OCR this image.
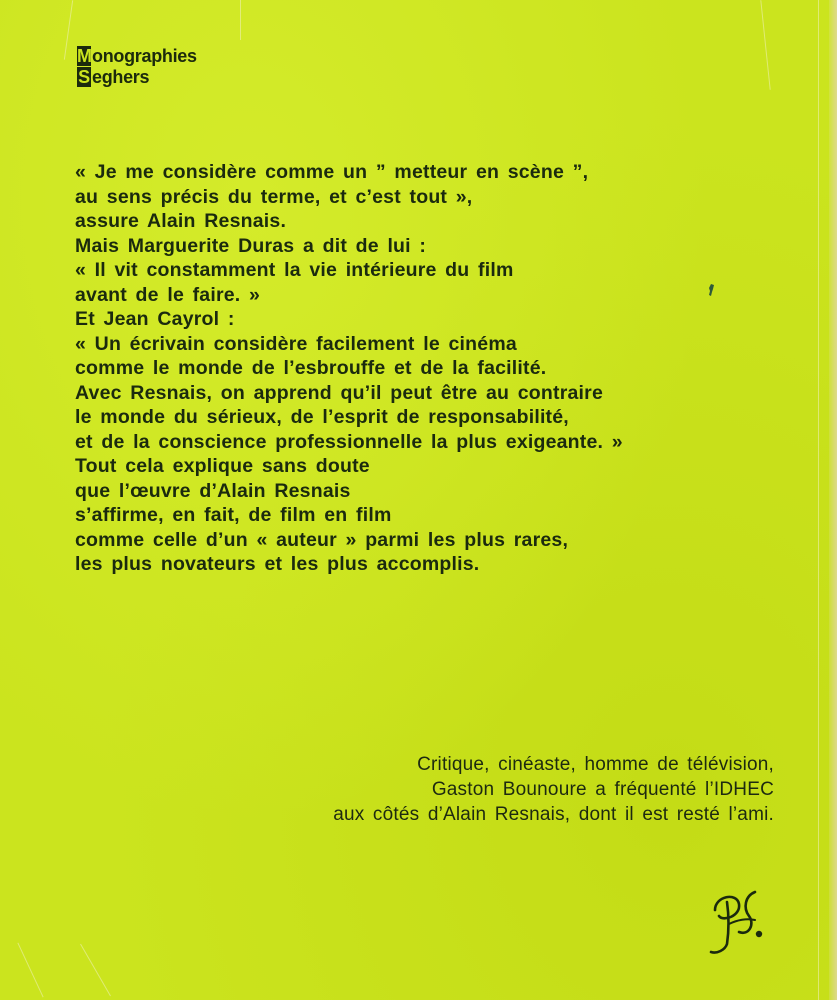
Monographies
S eghers
« Je me considère comme un ” metteur en scène ”,
au sens précis du terme, et c’est tout »,
assure Alain Resnais.
Mais Marguerite Duras a dit de lui :
« Il vit constamment la vie intérieure du film
avant de le faire. »
Et Jean Cayrol :
« Un écrivain considère facilement le cinéma
comme le monde de l’esbrouffe et de la facilité.
Avec Resnais, on apprend qu’il peut être au contraire
le monde du sérieux, de l’esprit de responsabilité,
et de la conscience professionnelle la plus exigeante. »
Tout cela explique sans doute
que l’œuvre d’Alain Resnais
s’affirme, en fait, de film en film
comme celle d’un « auteur » parmi les plus rares,
les plus novateurs et les plus accomplis.
Critique, cinéaste, homme de télévision,
Gaston Bounoure a fréquenté l’IDHEC
aux côtés d’Alain Resnais, dont il est resté l’ami.
